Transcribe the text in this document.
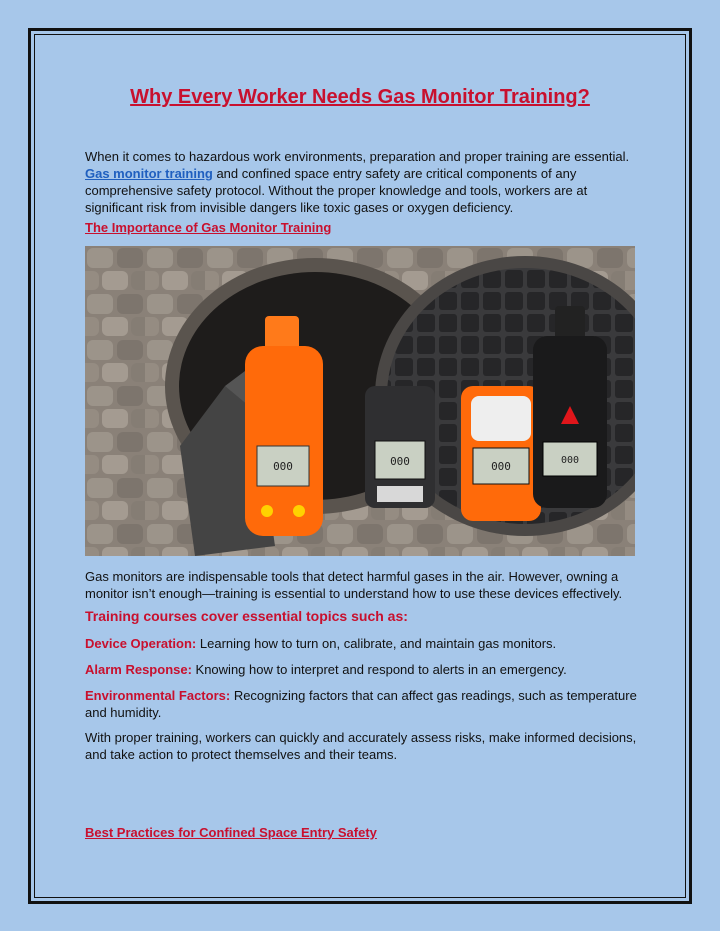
Why Every Worker Needs Gas Monitor Training?
When it comes to hazardous work environments, preparation and proper training are essential.
Gas monitor training and confined space entry safety are critical components of any comprehensive safety protocol. Without the proper knowledge and tools, workers are at significant risk from invisible dangers like toxic gases or oxygen deficiency.
The Importance of Gas Monitor Training
000	000	000	000
Gas monitors are indispensable tools that detect harmful gases in the air. However, owning a monitor isn’t enough—training is essential to understand how to use these devices effectively.
Training courses cover essential topics such as:
Device Operation: Learning how to turn on, calibrate, and maintain gas monitors.
Alarm Response: Knowing how to interpret and respond to alerts in an emergency.
Environmental Factors: Recognizing factors that can affect gas readings, such as temperature and humidity.
With proper training, workers can quickly and accurately assess risks, make informed decisions, and take action to protect themselves and their teams.
Best Practices for Confined Space Entry Safety
